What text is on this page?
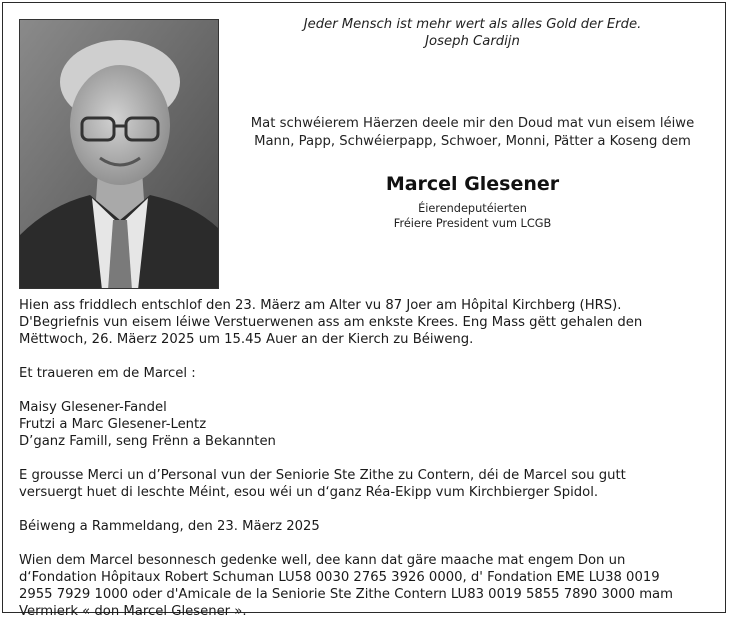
Jeder Mensch ist mehr wert als alles Gold der Erde.
Joseph Cardijn
Mat schwéierem Häerzen deele mir den Doud mat vun eisem léiwe
Mann, Papp, Schwéierpapp, Schwoer, Monni, Pätter a Koseng dem
Marcel Glesener
Éierendeputéierten
Fréiere President vum LCGB

Hien ass friddlech entschlof den 23. Mäerz am Alter vu 87 Joer am Hôpital Kirchberg (HRS).

D'Begriefnis vun eisem léiwe Verstuerwenen ass am enkste Krees. Eng Mass gëtt gehalen den

Mëttwoch, 26. Mäerz 2025 um 15.45 Auer an der Kierch zu Béiweng.

Et traueren em de Marcel :

Maisy Glesener-Fandel

Frutzi a Marc Glesener-Lentz

D’ganz Famill, seng Frënn a Bekannten

E grousse Merci un d’Personal vun der Seniorie Ste Zithe zu Contern, déi de Marcel sou gutt

versuergt huet di leschte Méint, esou wéi un d‘ganz Réa-Ekipp vum Kirchbierger Spidol.

Béiweng a Rammeldang, den 23. Mäerz 2025

Wien dem Marcel besonnesch gedenke well, dee kann dat gäre maache mat engem Don un

d‘Fondation Hôpitaux Robert Schuman LU58 0030 2765 3926 0000, d' Fondation EME LU38 0019

2955 7929 1000 oder d'Amicale de la Seniorie Ste Zithe Contern LU83 0019 5855 7890 3000 mam

Vermierk « don Marcel Glesener ».
